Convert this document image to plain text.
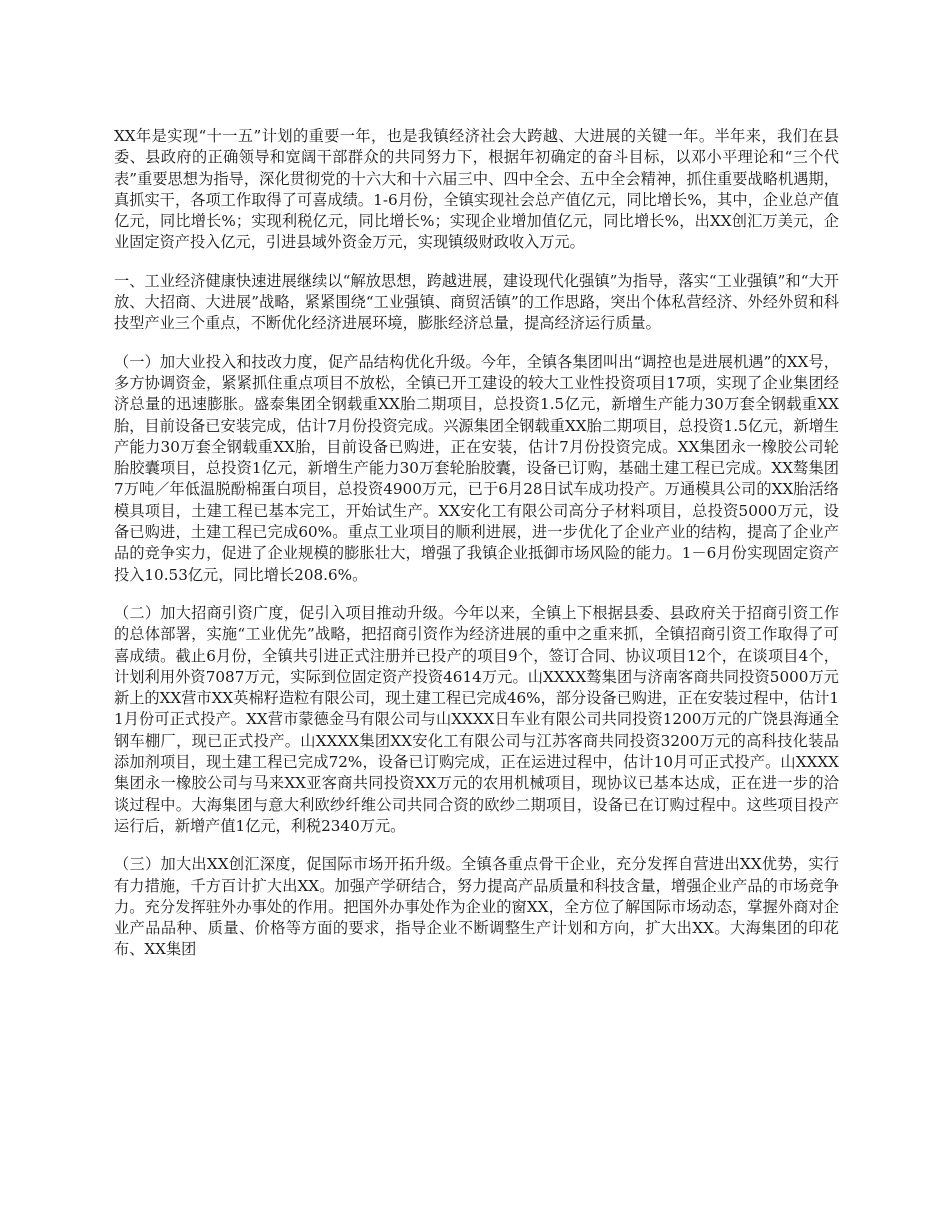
XX年是实现“十一五”计划的重要一年，也是我镇经济社会大跨越、大进展的关键一年。半年来，我们在县委、县政府的正确领导和宽阔干部群众的共同努力下，根据年初确定的奋斗目标，以邓小平理论和“三个代表”重要思想为指导，深化贯彻党的十六大和十六届三中、四中全会、五中全会精神，抓住重要战略机遇期，真抓实干，各项工作取得了可喜成绩。1-6月份，全镇实现社会总产值亿元，同比增长%，其中，企业总产值亿元，同比增长%；实现利税亿元，同比增长%；实现企业增加值亿元，同比增长%，出XX创汇万美元，企业固定资产投入亿元，引进县域外资金万元，实现镇级财政收入万元。

一、工业经济健康快速进展继续以“解放思想，跨越进展，建设现代化强镇”为指导，落实“工业强镇”和“大开放、大招商、大进展”战略，紧紧围绕“工业强镇、商贸活镇”的工作思路，突出个体私营经济、外经外贸和科技型产业三个重点，不断优化经济进展环境，膨胀经济总量，提高经济运行质量。

（一）加大业投入和技改力度，促产品结构优化升级。今年，全镇各集团叫出“调控也是进展机遇”的XX号，多方协调资金，紧紧抓住重点项目不放松，全镇已开工建设的较大工业性投资项目17项，实现了企业集团经济总量的迅速膨胀。盛泰集团全钢载重XX胎二期项目，总投资1.5亿元，新增生产能力30万套全钢载重XX胎，目前设备已安装完成，估计7月份投资完成。兴源集团全钢载重XX胎二期项目，总投资1.5亿元，新增生产能力30万套全钢载重XX胎，目前设备已购进，正在安装，估计7月份投资完成。XX集团永一橡胶公司轮胎胶囊项目，总投资1亿元，新增生产能力30万套轮胎胶囊，设备已订购，基础土建工程已完成。XX骜集团7万吨／年低温脱酚棉蛋白项目，总投资4900万元，已于6月28日试车成功投产。万通模具公司的XX胎活络模具项目，土建工程已基本完工，开始试生产。XX安化工有限公司高分子材料项目，总投资5000万元，设备已购进，土建工程已完成60%。重点工业项目的顺利进展，进一步优化了企业产业的结构，提高了企业产品的竞争实力，促进了企业规模的膨胀壮大，增强了我镇企业抵御市场风险的能力。1－6月份实现固定资产投入10.53亿元，同比增长208.6%。

（二）加大招商引资广度，促引入项目推动升级。今年以来，全镇上下根据县委、县政府关于招商引资工作的总体部署，实施“工业优先”战略，把招商引资作为经济进展的重中之重来抓，全镇招商引资工作取得了可喜成绩。截止6月份，全镇共引进正式注册并已投产的项目9个，签订合同、协议项目12个，在谈项目4个，计划利用外资7087万元，实际到位固定资产投资4614万元。山XXXX骜集团与济南客商共同投资5000万元新上的XX营市XX英棉籽造粒有限公司，现土建工程已完成46%，部分设备已购进，正在安装过程中，估计11月份可正式投产。XX营市蒙德金马有限公司与山XXXX日车业有限公司共同投资1200万元的广饶县海通全钢车棚厂，现已正式投产。山XXXX集团XX安化工有限公司与江苏客商共同投资3200万元的高科技化装品添加剂项目，现土建工程已完成72%，设备已订购完成，正在运进过程中，估计10月可正式投产。山XXXX集团永一橡胶公司与马来XX亚客商共同投资XX万元的农用机械项目，现协议已基本达成，正在进一步的洽谈过程中。大海集团与意大利欧纱纤维公司共同合资的欧纱二期项目，设备已在订购过程中。这些项目投产运行后，新增产值1亿元，利税2340万元。

（三）加大出XX创汇深度，促国际市场开拓升级。全镇各重点骨干企业，充分发挥自营进出XX优势，实行有力措施，千方百计扩大出XX。加强产学研结合，努力提高产品质量和科技含量，增强企业产品的市场竞争力。充分发挥驻外办事处的作用。把国外办事处作为企业的窗XX，全方位了解国际市场动态，掌握外商对企业产品品种、质量、价格等方面的要求，指导企业不断调整生产计划和方向，扩大出XX。大海集团的印花布、XX集团
